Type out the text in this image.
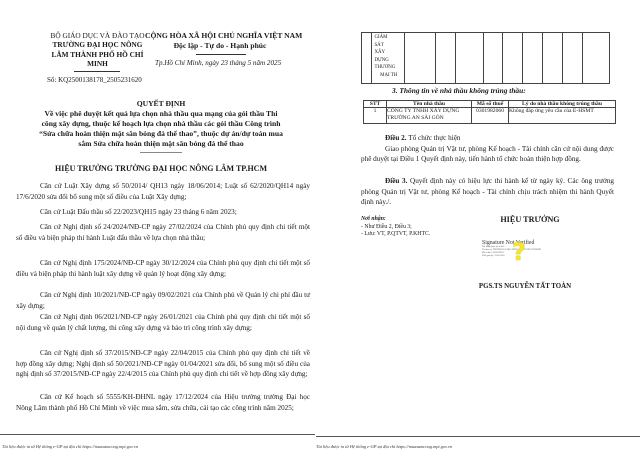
BỘ GIÁO DỤC VÀ ĐÀO TẠO
TRƯỜNG ĐẠI HỌC NÔNG
LÂM THÀNH PHỐ HỒ CHÍ
MINH
Số: KQ2500138178_2505231620
CỘNG HÒA XÃ HỘI CHỦ NGHĨA VIỆT NAM
Độc lập - Tự do - Hạnh phúc
Tp.Hồ Chí Minh, ngày 23 tháng 5 năm 2025
QUYẾT ĐỊNH
Về việc phê duyệt kết quả lựa chọn nhà thầu qua mạng của gói thầu Thi
công xây dựng, thuộc kế hoạch lựa chọn nhà thầu các gói thầu Công trình
“Sửa chữa hoàn thiện mặt sân bóng đá thể thao”, thuộc dự án/dự toán mua
sắm Sửa chữa hoàn thiện mặt sân bóng đá thể thao
HIỆU TRƯỞNG TRƯỜNG ĐẠI HỌC NÔNG LÂM TP.HCM
Căn cứ Luật Xây dựng số 50/2014/ QH13 ngày 18/06/2014; Luật số 62/2020/QH14 ngày 17/6/2020 sửa đổi bổ sung một số điều của Luật Xây dựng;
Căn cứ Luật Đấu thầu số 22/2023/QH15 ngày 23 tháng 6 năm 2023;
Căn cứ Nghị định số 24/2024/NĐ-CP ngày 27/02/2024 của Chính phủ quy định chi tiết một số điều và biện pháp thi hành Luật đấu thầu về lựa chọn nhà thầu;
Căn cứ Nghị định 175/2024/NĐ-CP ngày 30/12/2024 của Chính phủ quy định chi tiết một số điều và biện pháp thi hành luật xây dựng về quản lý hoạt động xây dựng;
Căn cứ Nghị định 10/2021/NĐ-CP ngày 09/02/2021 của Chính phủ về Quản lý chi phí đầu tư xây dựng;
Căn cứ Nghị định 06/2021/NĐ-CP ngày 26/01/2021 của Chính phủ quy định chi tiết một số nội dung về quản lý chất lượng, thi công xây dựng và bảo trì công trình xây dựng;
Căn cứ Nghị định số 37/2015/NĐ-CP ngày 22/04/2015 của Chính phủ quy định chi tiết về hợp đồng xây dựng; Nghị định số 50/2021/NĐ-CP ngày 01/04/2021 sửa đổi, bổ sung một số điều của nghị định số 37/2015/NĐ-CP ngày 22/4/2015 của Chính phủ quy định chi tiết về hợp đồng xây dựng;
Căn cứ Kế hoạch số 5555/KH-ĐHNL ngày 17/12/2024 của Hiệu trưởng trường Đại học Nông Lâm thành phố Hồ Chí Minh về việc mua sắm, sửa chữa, cải tạo các công trình năm 2025;
Tài liệu được in từ Hệ thống e-GP tại địa chỉ https://muasamcong.mpi.gov.vn

GIÁM
SÁT
XÂY
DỰNG
THƯƠNG
MẠI TH

3. Thông tin về nhà thầu không trúng thầu:
STT	Tên nhà thầu	Mã số thuế	Lý do nhà thầu không trúng thầu
1	CÔNG TY TNHH XÂY DỰNG TRƯỜNG AN SÀI GÒN	0301982060	Không đáp ứng yêu cầu của E-HSMT
Điều 2. Tổ chức thực hiện
Giao phòng Quản trị Vật tư, phòng Kế hoạch - Tài chính căn cứ nội dung được phê duyệt tại Điều 1 Quyết định này, tiến hành tổ chức hoàn thiện hợp đồng.
Điều 3. Quyết định này có hiệu lực thi hành kể từ ngày ký. Các ông trưởng phòng Quản trị Vật tư, phòng Kế hoạch - Tài chính chịu trách nhiệm thi hành Quyết định này./.
Nơi nhận:
- Như Điều 2, Điều 3;
- Lưu: VT, P.QTVT, P.KHTC.
HIỆU TRƯỞNG
?
Signature Not Verified
Nội dung được ký số bởi:
Tên đơn vị: TRƯỜNG ĐẠI HỌC NÔNG LÂM TP.HỒ CHÍ MINH
Mã số thuế: 0300529931
Thời gian ký: 23-05-2025
PGS.TS NGUYỄN TẤT TOÀN
Tài liệu được in từ Hệ thống e-GP tại địa chỉ https://muasamcong.mpi.gov.vn
